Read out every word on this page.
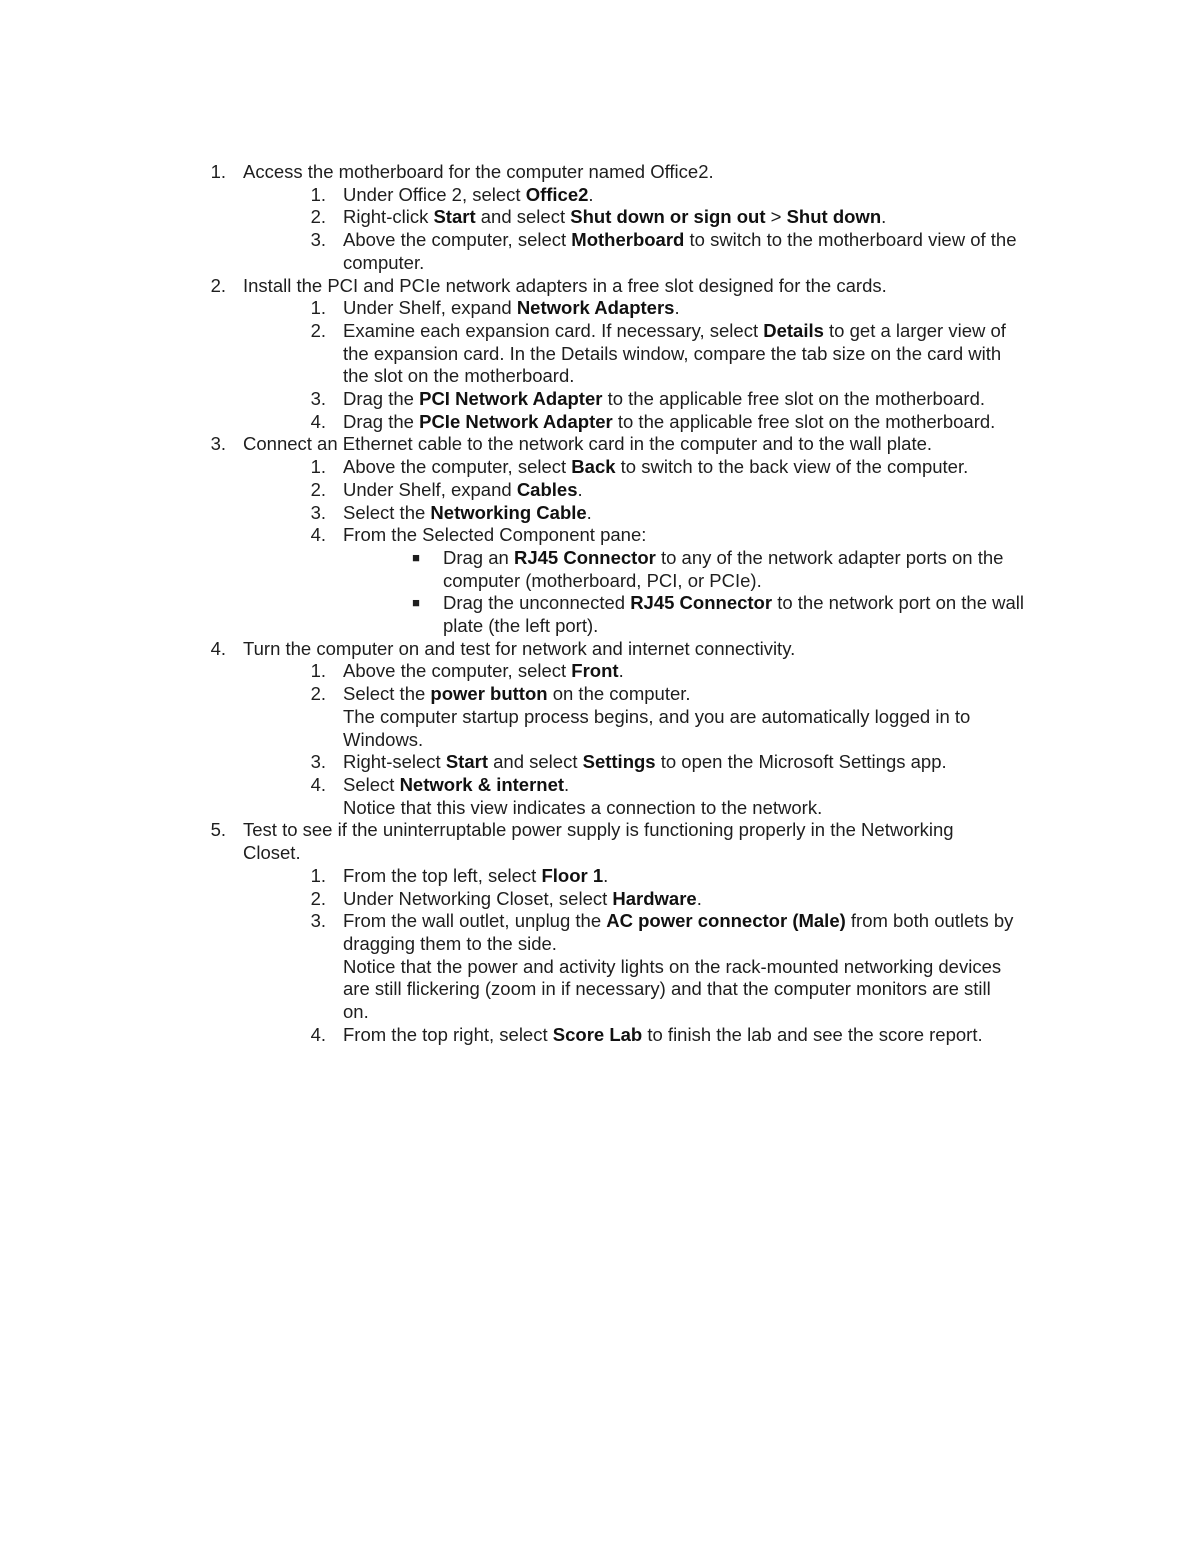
1. Access the motherboard for the computer named Office2.
1. Under Office 2, select Office2.
2. Right-click Start and select Shut down or sign out > Shut down.
3. Above the computer, select Motherboard to switch to the motherboard view of the
computer.
2. Install the PCI and PCIe network adapters in a free slot designed for the cards.
1. Under Shelf, expand Network Adapters.
2. Examine each expansion card. If necessary, select Details to get a larger view of
the expansion card. In the Details window, compare the tab size on the card with
the slot on the motherboard.
3. Drag the PCI Network Adapter to the applicable free slot on the motherboard.
4. Drag the PCIe Network Adapter to the applicable free slot on the motherboard.
3. Connect an Ethernet cable to the network card in the computer and to the wall plate.
1. Above the computer, select Back to switch to the back view of the computer.
2. Under Shelf, expand Cables.
3. Select the Networking Cable.
4. From the Selected Component pane:
■ Drag an RJ45 Connector to any of the network adapter ports on the
computer (motherboard, PCI, or PCIe).
■ Drag the unconnected RJ45 Connector to the network port on the wall
plate (the left port).
4. Turn the computer on and test for network and internet connectivity.
1. Above the computer, select Front.
2. Select the power button on the computer.
The computer startup process begins, and you are automatically logged in to
Windows.
3. Right-select Start and select Settings to open the Microsoft Settings app.
4. Select Network & internet.
Notice that this view indicates a connection to the network.
5. Test to see if the uninterruptable power supply is functioning properly in the Networking
Closet.
1. From the top left, select Floor 1.
2. Under Networking Closet, select Hardware.
3. From the wall outlet, unplug the AC power connector (Male) from both outlets by
dragging them to the side.
Notice that the power and activity lights on the rack-mounted networking devices
are still flickering (zoom in if necessary) and that the computer monitors are still
on.
4. From the top right, select Score Lab to finish the lab and see the score report.
